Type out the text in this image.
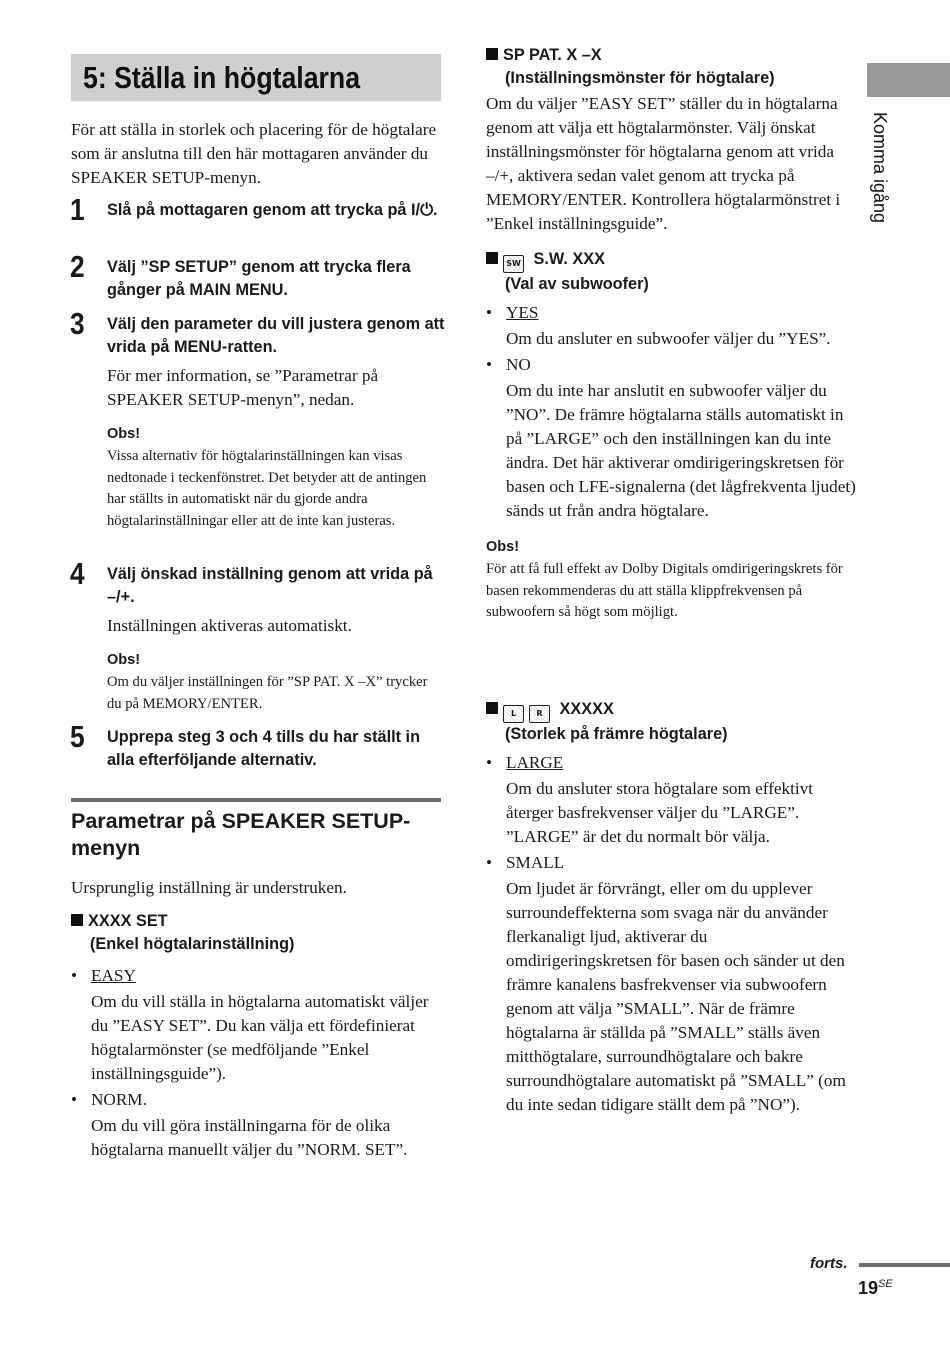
5: Ställa in högtalarna
För att ställa in storlek och placering för de högtalare som är anslutna till den här mottagaren använder du SPEAKER SETUP-menyn.
1 Slå på mottagaren genom att trycka på I/⏻.
2 Välj ”SP SETUP” genom att trycka flera gånger på MAIN MENU.
3 Välj den parameter du vill justera genom att vrida på MENU-ratten.
För mer information, se ”Parametrar på SPEAKER SETUP-menyn”, nedan.
Obs!
Vissa alternativ för högtalarinställningen kan visas nedtonade i teckenfönstret. Det betyder att de antingen har ställts in automatiskt när du gjorde andra högtalarinställningar eller att de inte kan justeras.
4 Välj önskad inställning genom att vrida på –/+.
Inställningen aktiveras automatiskt.
Obs!
Om du väljer inställningen för ”SP PAT. X –X” trycker du på MEMORY/ENTER.
5 Upprepa steg 3 och 4 tills du har ställt in alla efterföljande alternativ.
Parametrar på SPEAKER SETUP-menyn
Ursprunglig inställning är understruken.
XXXX SET
(Enkel högtalarinställning)
• EASY
Om du vill ställa in högtalarna automatiskt väljer du ”EASY SET”. Du kan välja ett fördefinierat högtalarmönster (se medföljande ”Enkel inställningsguide”).
• NORM.
Om du vill göra inställningarna för de olika högtalarna manuellt väljer du ”NORM. SET”.
SP PAT. X –X
(Inställningsmönster för högtalare)
Om du väljer ”EASY SET” ställer du in högtalarna genom att välja ett högtalarmönster. Välj önskat inställningsmönster för högtalarna genom att vrida –/+, aktivera sedan valet genom att trycka på MEMORY/ENTER. Kontrollera högtalarmönstret i ”Enkel inställningsguide”.
SW S.W. XXX
(Val av subwoofer)
• YES
Om du ansluter en subwoofer väljer du ”YES”.
• NO
Om du inte har anslutit en subwoofer väljer du ”NO”. De främre högtalarna ställs automatiskt in på ”LARGE” och den inställningen kan du inte ändra. Det här aktiverar omdirigeringskretsen för basen och LFE-signalerna (det lågfrekventa ljudet) sänds ut från andra högtalare.
Obs!
För att få full effekt av Dolby Digitals omdirigeringskrets för basen rekommenderas du att ställa klippfrekvensen på subwoofern så högt som möjligt.
L	R XXXXX
(Storlek på främre högtalare)
• LARGE
Om du ansluter stora högtalare som effektivt återger basfrekvenser väljer du ”LARGE”. ”LARGE” är det du normalt bör välja.
• SMALL
Om ljudet är förvrängt, eller om du upplever surroundeffekterna som svaga när du använder flerkanaligt ljud, aktiverar du omdirigeringskretsen för basen och sänder ut den främre kanalens basfrekvenser via subwoofern genom att välja ”SMALL”. När de främre högtalarna är ställda på ”SMALL” ställs även mitthögtalare, surroundhögtalare och bakre surroundhögtalare automatiskt på ”SMALL” (om du inte sedan tidigare ställt dem på ”NO”).
Komma igång
forts.
$19^{SE}$
